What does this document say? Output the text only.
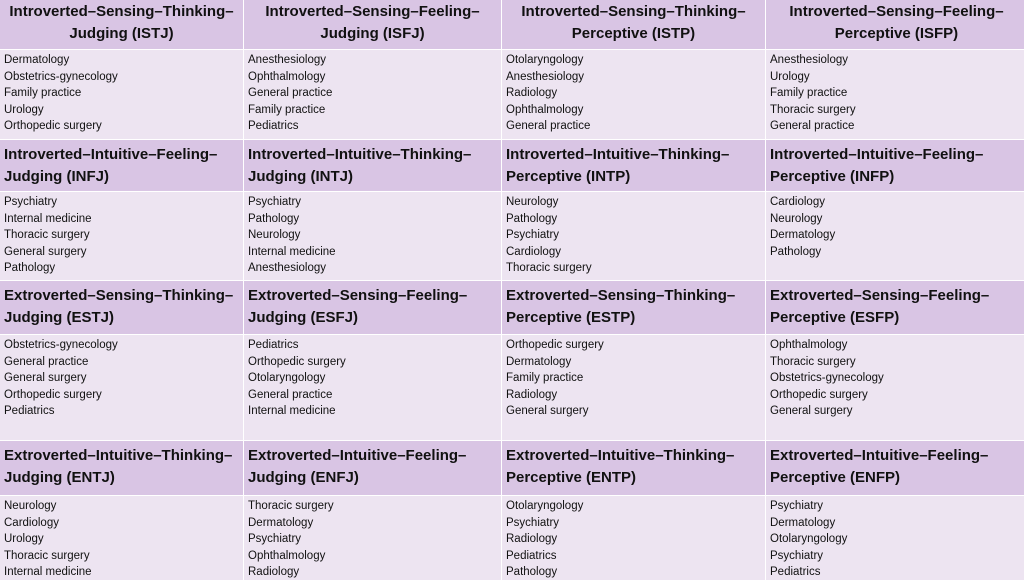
Introverted–Sensing–Thinking–Judging (ISTJ)
Introverted–Sensing–Feeling–Judging (ISFJ)
Introverted–Sensing–Thinking–Perceptive (ISTP)
Introverted–Sensing–Feeling–Perceptive (ISFP)
Dermatology
Obstetrics-gynecology
Family practice
Urology
Orthopedic surgery
Anesthesiology
Ophthalmology
General practice
Family practice
Pediatrics
Otolaryngology
Anesthesiology
Radiology
Ophthalmology
General practice
Anesthesiology
Urology
Family practice
Thoracic surgery
General practice
Introverted–Intuitive–Feeling–Judging (INFJ)
Introverted–Intuitive–Thinking–Judging (INTJ)
Introverted–Intuitive–Thinking–Perceptive (INTP)
Introverted–Intuitive–Feeling–Perceptive (INFP)
Psychiatry
Internal medicine
Thoracic surgery
General surgery
Pathology
Psychiatry
Pathology
Neurology
Internal medicine
Anesthesiology
Neurology
Pathology
Psychiatry
Cardiology
Thoracic surgery
Cardiology
Neurology
Dermatology
Pathology
Extroverted–Sensing–Thinking–Judging (ESTJ)
Extroverted–Sensing–Feeling–Judging (ESFJ)
Extroverted–Sensing–Thinking–Perceptive (ESTP)
Extroverted–Sensing–Feeling–Perceptive (ESFP)
Obstetrics-gynecology
General practice
General surgery
Orthopedic surgery
Pediatrics
Pediatrics
Orthopedic surgery
Otolaryngology
General practice
Internal medicine
Orthopedic surgery
Dermatology
Family practice
Radiology
General surgery
Ophthalmology
Thoracic surgery
Obstetrics-gynecology
Orthopedic surgery
General surgery
Extroverted–Intuitive–Thinking–Judging (ENTJ)
Extroverted–Intuitive–Feeling–Judging (ENFJ)
Extroverted–Intuitive–Thinking–Perceptive (ENTP)
Extroverted–Intuitive–Feeling–Perceptive (ENFP)
Neurology
Cardiology
Urology
Thoracic surgery
Internal medicine
Thoracic surgery
Dermatology
Psychiatry
Ophthalmology
Radiology
Otolaryngology
Psychiatry
Radiology
Pediatrics
Pathology
Psychiatry
Dermatology
Otolaryngology
Psychiatry
Pediatrics
